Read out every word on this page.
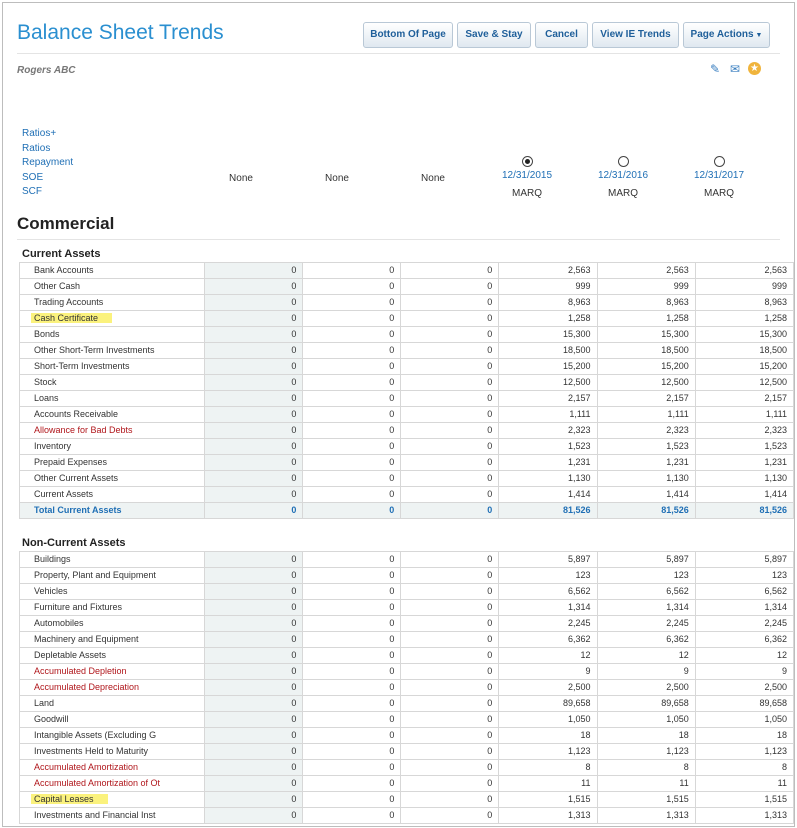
Balance Sheet Trends	Bottom Of Page	Save & Stay	Cancel	View IE Trends	Page Actions ▼
Rogers ABC	✎ ✉ ★
Ratios+
Ratios
Repayment
SOE
SCF
None	None	None	12/31/2015
MARQ
12/31/2016
MARQ
12/31/2017
MARQ
Commercial
Current Assets
Bank Accounts	0	0	0	2,563	2,563	2,563
Other Cash	0	0	0	999	999	999
Trading Accounts	0	0	0	8,963	8,963	8,963
Cash Certificate	0	0	0	1,258	1,258	1,258
Bonds	0	0	0	15,300	15,300	15,300
Other Short-Term Investments	0	0	0	18,500	18,500	18,500
Short-Term Investments	0	0	0	15,200	15,200	15,200
Stock	0	0	0	12,500	12,500	12,500
Loans	0	0	0	2,157	2,157	2,157
Accounts Receivable	0	0	0	1,111	1,111	1,111
Allowance for Bad Debts	0	0	0	2,323	2,323	2,323
Inventory	0	0	0	1,523	1,523	1,523
Prepaid Expenses	0	0	0	1,231	1,231	1,231
Other Current Assets	0	0	0	1,130	1,130	1,130
Current Assets	0	0	0	1,414	1,414	1,414
Total Current Assets	0	0	0	81,526	81,526	81,526
Non-Current Assets
Buildings	0	0	0	5,897	5,897	5,897
Property, Plant and Equipment	0	0	0	123	123	123
Vehicles	0	0	0	6,562	6,562	6,562
Furniture and Fixtures	0	0	0	1,314	1,314	1,314
Automobiles	0	0	0	2,245	2,245	2,245
Machinery and Equipment	0	0	0	6,362	6,362	6,362
Depletable Assets	0	0	0	12	12	12
Accumulated Depletion	0	0	0	9	9	9
Accumulated Depreciation	0	0	0	2,500	2,500	2,500
Land	0	0	0	89,658	89,658	89,658
Goodwill	0	0	0	1,050	1,050	1,050
Intangible Assets (Excluding G	0	0	0	18	18	18
Investments Held to Maturity	0	0	0	1,123	1,123	1,123
Accumulated Amortization	0	0	0	8	8	8
Accumulated Amortization of Ot	0	0	0	11	11	11
Capital Leases	0	0	0	1,515	1,515	1,515
Investments and Financial Inst	0	0	0	1,313	1,313	1,313
